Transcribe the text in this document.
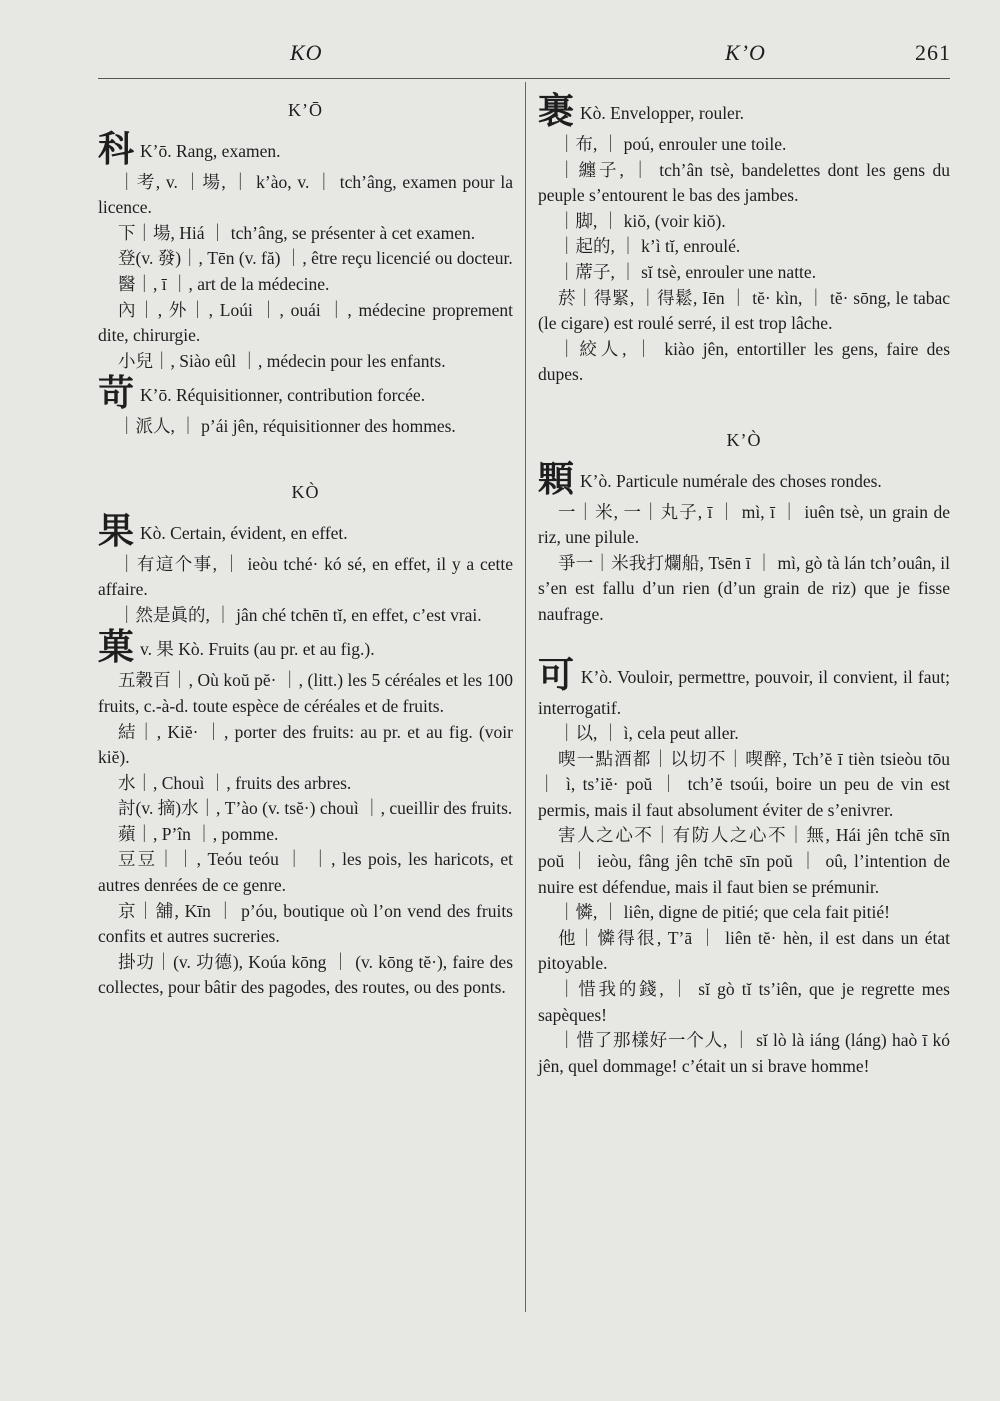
KO	K’O	261
K’Ō

科 K’ō. Rang, examen.

｜考, v. ｜場, ｜ k’ào, v. ｜ tch’âng, examen pour la licence.

下｜場, Hiá ｜ tch’âng, se présenter à cet examen.

登(v. 發)｜, Tēn (v. fă) ｜, être reçu licencié ou docteur.

醫｜, ī ｜, art de la médecine.

內｜, 外｜, Loúi ｜, ouái ｜, médecine proprement dite, chirurgie.

小兒｜, Siào eûl ｜, médecin pour les enfants.

苛 K’ō. Réquisitionner, contribution forcée.

｜派人, ｜ p’ái jên, réquisitionner des hommes.

KÒ

果 Kò. Certain, évident, en effet.

｜有這个事, ｜ ieòu tché· kó sé, en effet, il y a cette affaire.

｜然是眞的, ｜ jân ché tchēn tĭ, en effet, c’est vrai.

菓v. 果 Kò. Fruits (au pr. et au fig.).

五穀百｜, Où koŭ pĕ· ｜, (litt.) les 5 céréales et les 100 fruits, c.-à-d. toute espèce de céréales et de fruits.

結｜, Kiĕ· ｜, porter des fruits: au pr. et au fig. (voir kiĕ).

水｜, Chouì ｜, fruits des arbres.

討(v. 摘)水｜, T’ào (v. tsĕ·) chouì ｜, cueillir des fruits.

蘋｜, P’în ｜, pomme.

豆豆｜｜, Teóu teóu ｜ ｜, les pois, les haricots, et autres denrées de ce genre.

京｜舖, Kīn ｜ p’óu, boutique où l’on vend des fruits confits et autres sucreries.

掛功｜(v. 功德), Koúa kōng ｜ (v. kōng tĕ·), faire des collectes, pour bâtir des pagodes, des routes, ou des ponts.

裹 Kò. Envelopper, rouler.

｜布, ｜ poú, enrouler une toile.

｜纏子, ｜ tch’ân tsè, bandelettes dont les gens du peuple s’entourent le bas des jambes.

｜脚, ｜ kiŏ, (voir kiŏ).

｜起的, ｜ k’ì tĭ, enroulé.

｜蓆子, ｜ sĭ tsè, enrouler une natte.

菸｜得緊, ｜得鬆, Iēn ｜ tĕ· kìn, ｜ tĕ· sōng, le tabac (le cigare) est roulé serré, il est trop lâche.

｜絞人, ｜ kiào jên, entortiller les gens, faire des dupes.

K’Ò

顆 K’ò. Particule numérale des choses rondes.

一｜米, 一｜丸子, ī ｜ mì, ī ｜ iuên tsè, un grain de riz, une pilule.

爭一｜米我打爛船, Tsēn ī ｜ mì, gò tà lán tch’ouân, il s’en est fallu d’un rien (d’un grain de riz) que je fisse naufrage.

可 K’ò. Vouloir, permettre, pouvoir, il convient, il faut; interrogatif.

｜以, ｜ ì, cela peut aller.

喫一點酒都｜以切不｜喫醉, Tch’ĕ ī tièn tsieòu tōu ｜ ì, ts’iĕ· poŭ ｜ tch’ĕ tsoúi, boire un peu de vin est permis, mais il faut absolument éviter de s’enivrer.

害人之心不｜有防人之心不｜無, Hái jên tchē sīn poŭ ｜ ieòu, fâng jên tchē sīn poŭ ｜ oû, l’intention de nuire est défendue, mais il faut bien se prémunir.

｜憐, ｜ liên, digne de pitié; que cela fait pitié!

他｜憐得很, T’ā ｜ liên tĕ· hèn, il est dans un état pitoyable.

｜惜我的錢, ｜ sĭ gò tĭ ts’iên, que je regrette mes sapèques!

｜惜了那樣好一个人, ｜ sĭ lò là iáng (láng) haò ī kó jên, quel dommage! c’était un si brave homme!
